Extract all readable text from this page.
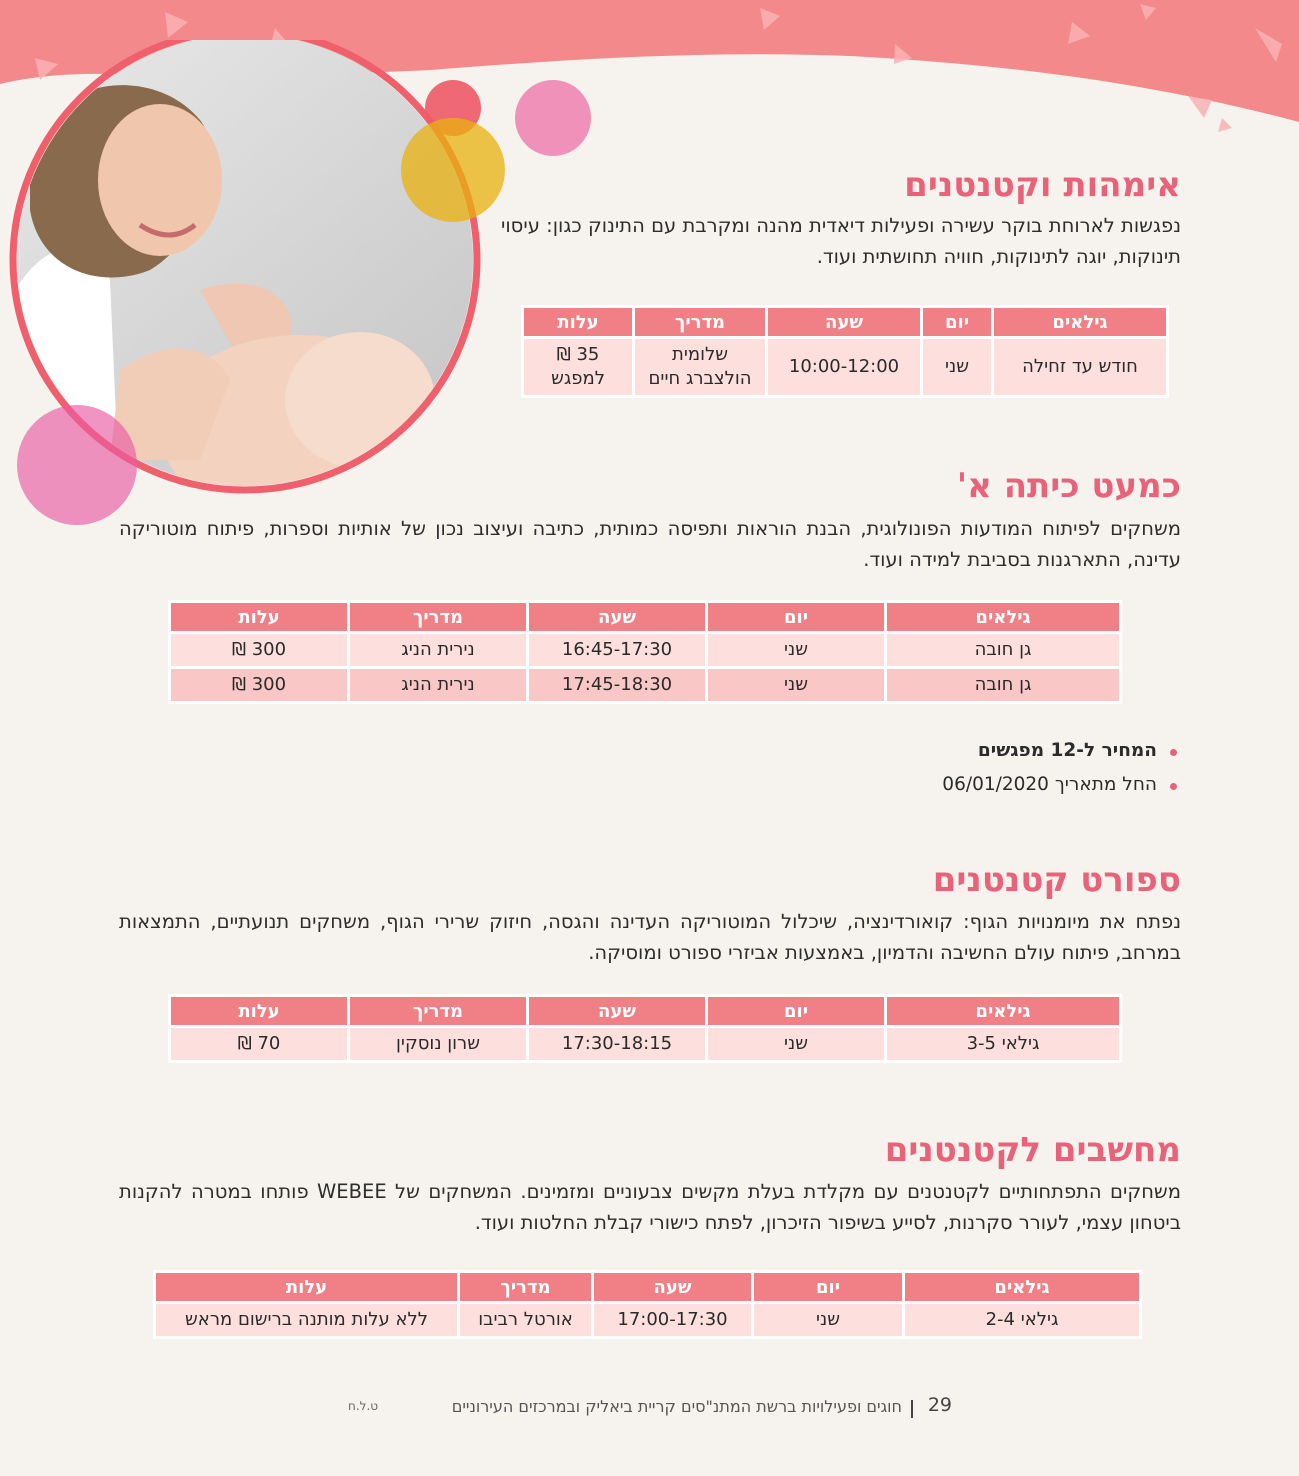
אימהות וקטנטנים

נפגשות לארוחת בוקר עשירה ופעילות דיאדית מהנה ומקרבת עם התינוק כגון: עיסוי תינוקות, יוגה לתינוקות, חוויה תחושתית ועוד.

גילאים	יום	שעה	מדריך	עלות
חודש עד זחילה	שני	10:00-12:00	שלומית הולצברג חיים	35 ₪ למפגש
כמעט כיתה א'

משחקים לפיתוח המודעות הפונולוגית, הבנת הוראות ותפיסה כמותית, כתיבה ועיצוב נכון של אותיות וספרות, פיתוח מוטוריקה עדינה, התארגנות בסביבת למידה ועוד.

גילאים	יום	שעה	מדריך	עלות
גן חובה	שני	16:45-17:30	נירית הניג	300 ₪
גן חובה	שני	17:45-18:30	נירית הניג	300 ₪
המחיר ל-12 מפגשים
החל מתאריך 06/01/2020
ספורט קטנטנים

נפתח את מיומנויות הגוף: קואורדינציה, שיכלול המוטוריקה העדינה והגסה, חיזוק שרירי הגוף, משחקים תנועתיים, התמצאות במרחב, פיתוח עולם החשיבה והדמיון, באמצעות אביזרי ספורט ומוסיקה.

גילאים	יום	שעה	מדריך	עלות
גילאי 3-5	שני	17:30-18:15	שרון נוסקין	70 ₪
מחשבים לקטנטנים

משחקים התפתחותיים לקטנטנים עם מקלדת בעלת מקשים צבעוניים ומזמינים. המשחקים של WEBEE פותחו במטרה להקנות ביטחון עצמי, לעורר סקרנות, לסייע בשיפור הזיכרון, לפתח כישורי קבלת החלטות ועוד.

גילאים	יום	שעה	מדריך	עלות
גילאי 2-4	שני	17:00-17:30	אורטל רביבו	ללא עלות מותנה ברישום מראש
29
חוגים ופעילויות ברשת המתנ"סים קריית ביאליק ובמרכזים העירוניים
ט.ל.ח
